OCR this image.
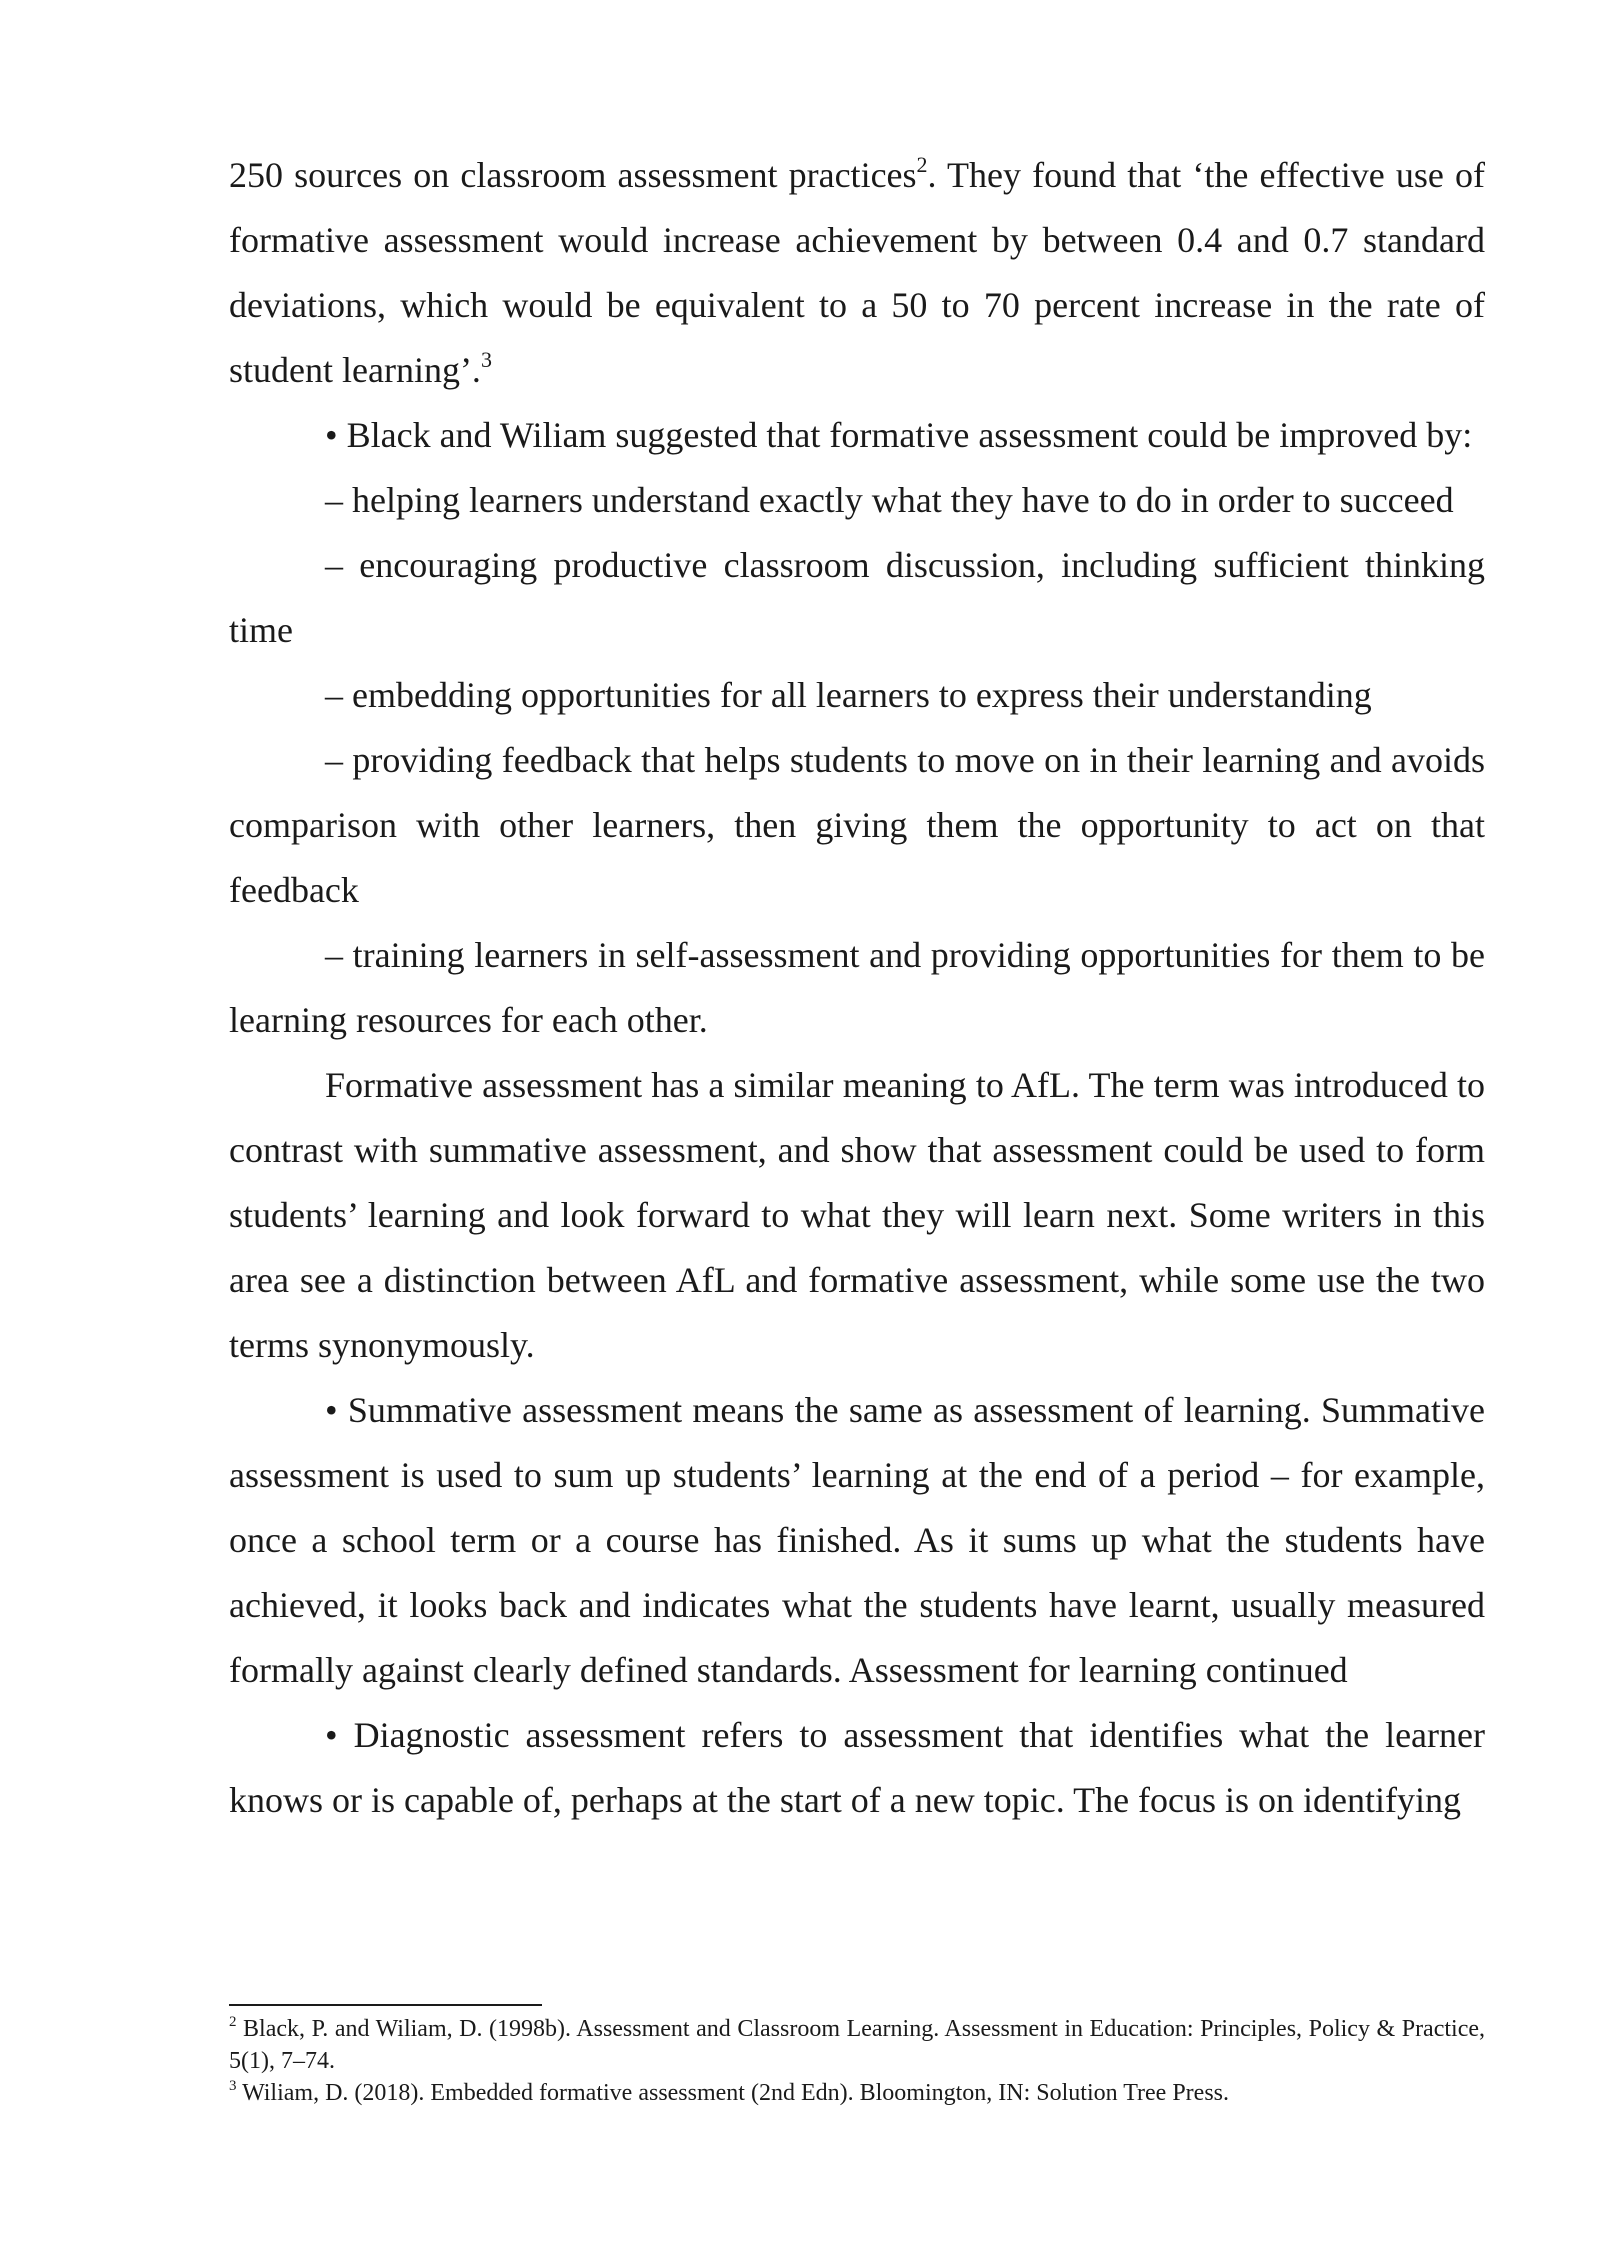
250 sources on classroom assessment practices$^2$. They found that ‘the effective use of formative assessment would increase achievement by between 0.4 and 0.7 standard deviations, which would be equivalent to a 50 to 70 percent increase in the rate of student learning’.$^3$

• Black and Wiliam suggested that formative assessment could be improved by:

– helping learners understand exactly what they have to do in order to succeed

– encouraging productive classroom discussion, including sufficient thinking time

– embedding opportunities for all learners to express their understanding

– providing feedback that helps students to move on in their learning and avoids comparison with other learners, then giving them the opportunity to act on that feedback

– training learners in self-assessment and providing opportunities for them to be learning resources for each other.

Formative assessment has a similar meaning to AfL. The term was introduced to contrast with summative assessment, and show that assessment could be used to form students’ learning and look forward to what they will learn next. Some writers in this area see a distinction between AfL and formative assessment, while some use the two terms synonymously.

• Summative assessment means the same as assessment of learning. Summative assessment is used to sum up students’ learning at the end of a period – for example, once a school term or a course has finished. As it sums up what the students have achieved, it looks back and indicates what the students have learnt, usually measured formally against clearly defined standards. Assessment for learning continued

• Diagnostic assessment refers to assessment that identifies what the learner knows or is capable of, perhaps at the start of a new topic. The focus is on identifying

$^2$ Black, P. and Wiliam, D. (1998b). Assessment and Classroom Learning. Assessment in Education: Principles, Policy & Practice, 5(1), 7–74.

$^3$ Wiliam, D. (2018). Embedded formative assessment (2nd Edn). Bloomington, IN: Solution Tree Press.
